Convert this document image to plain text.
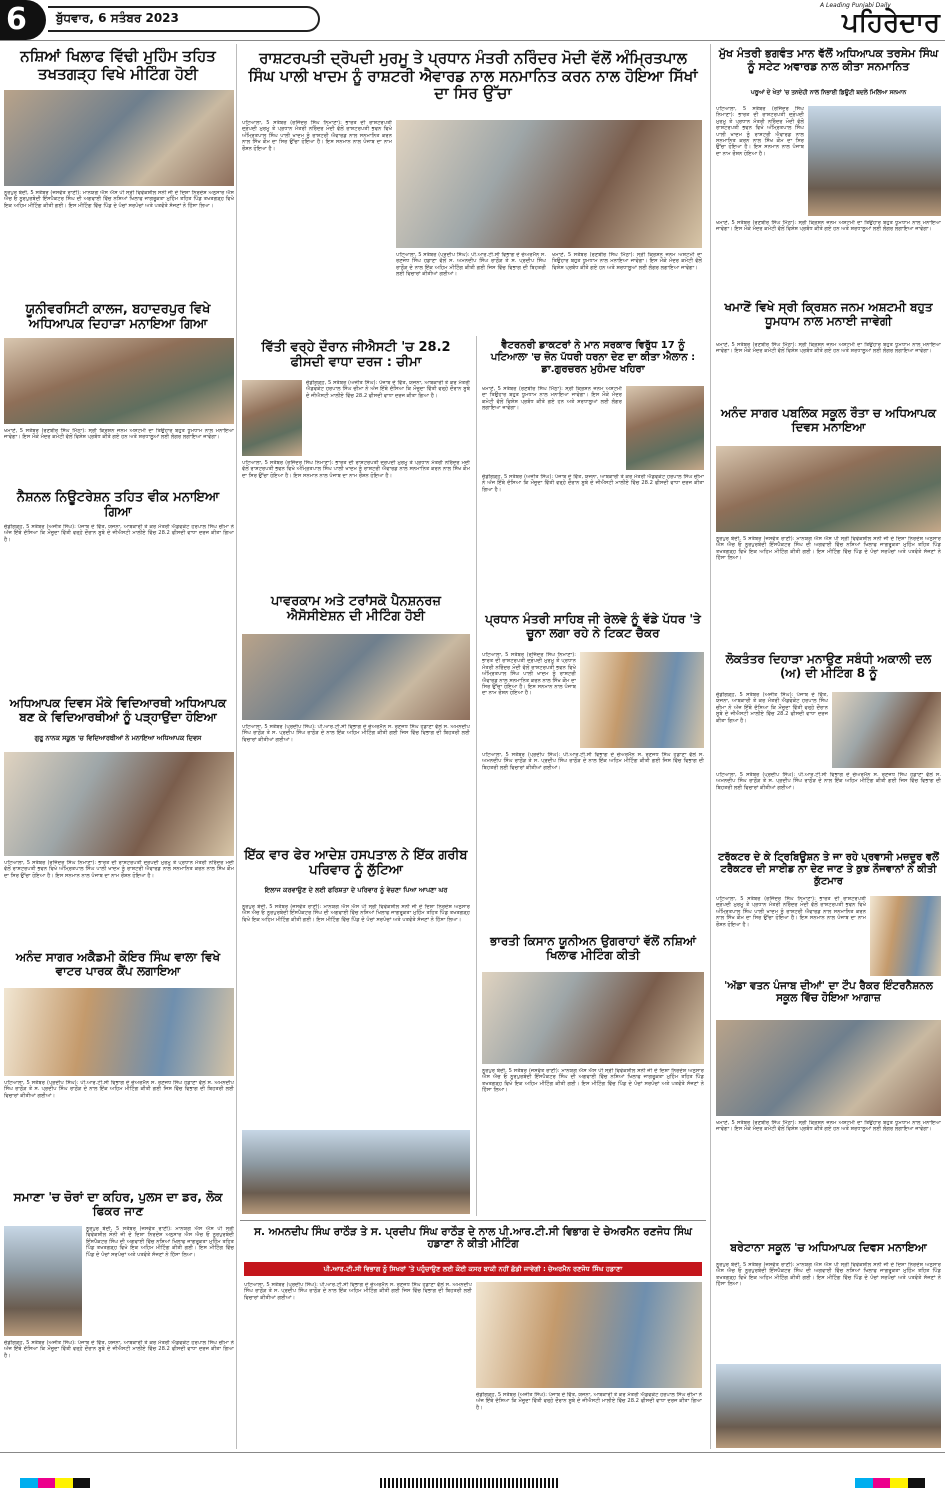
6 ਬੁੱਧਵਾਰ, 6 ਸਤੰਬਰ 2023
A Leading Punjabi Daily
ਪਹਿਰੇਦਾਰ
ਨਸ਼ਿਆਂ ਖਿਲਾਫ ਵਿੱਢੀ ਮੁਹਿੰਮ ਤਹਿਤ ਤਖਤਗੜ੍ਹ ਵਿਖੇ ਮੀਟਿੰਗ ਹੋਈ
ਨੂਰਪੁਰ ਬੇਦੀ, 5 ਸਤੰਬਰ (ਜਸਵੰਤ ਰਾਣੀ): ਮਾਨਯੋਗ ਐਸ ਐਸ ਪੀ ਸ੍ਰੀ ਵਿਵੇਕਸ਼ੀਲ ਸੋਨੀ ਜੀ ਦੇ ਦਿਸ਼ਾ ਨਿਰਦੇਸ਼ ਅਨੁਸਾਰ ਐਸ ਐਚ ਓ ਨੂਰਪੁਰਬੇਦੀ ਇੰਸਪੈਕਟਰ ਸਿੰਘ ਦੀ ਅਗਵਾਈ ਵਿੱਚ ਨਸ਼ਿਆਂ ਖਿਲਾਫ ਜਾਗਰੂਕਤਾ ਮੁਹਿੰਮ ਤਹਿਤ ਪਿੰਡ ਤਖਤਗੜ੍ਹ ਵਿਖੇ ਇਕ ਅਹਿਮ ਮੀਟਿੰਗ ਕੀਤੀ ਗਈ। ਇਸ ਮੀਟਿੰਗ ਵਿੱਚ ਪਿੰਡ ਦੇ ਪੰਚਾਂ ਸਰਪੰਚਾਂ ਅਤੇ ਪਤਵੰਤੇ ਸੱਜਣਾਂ ਨੇ ਹਿੱਸਾ ਲਿਆ।
ਯੂਨੀਵਰਸਿਟੀ ਕਾਲਜ, ਬਹਾਦਰਪੁਰ ਵਿਖੇ ਅਧਿਆਪਕ ਦਿਹਾੜਾ ਮਨਾਇਆ ਗਿਆ
ਖਮਾਣੋਂ, 5 ਸਤੰਬਰ (ਰਣਬੀਰ ਸਿੰਘ ਮਿੱਠਾ): ਸ੍ਰੀ ਕ੍ਰਿਸ਼ਨ ਜਨਮ ਅਸ਼ਟਮੀ ਦਾ ਤਿਉਹਾਰ ਬਹੁਤ ਧੂਮਧਾਮ ਨਾਲ ਮਨਾਇਆ ਜਾਵੇਗਾ। ਇਸ ਮੌਕੇ ਮੰਦਰ ਕਮੇਟੀ ਵੱਲੋਂ ਵਿਸ਼ੇਸ਼ ਪ੍ਰਬੰਧ ਕੀਤੇ ਗਏ ਹਨ ਅਤੇ ਸ਼ਰਧਾਲੂਆਂ ਲਈ ਲੰਗਰ ਲਗਾਇਆ ਜਾਵੇਗਾ।
ਨੈਸ਼ਨਲ ਨਿਊਟਰੇਸ਼ਨ ਤਹਿਤ ਵੀਕ ਮਨਾਇਆ ਗਿਆ
ਚੰਡੀਗੜ੍ਹ, 5 ਸਤੰਬਰ (ਅਜੀਤ ਸਿੰਘ): ਪੰਜਾਬ ਦੇ ਵਿੱਤ, ਯੋਜਨਾ, ਆਬਕਾਰੀ ਤੇ ਕਰ ਮੰਤਰੀ ਐਡਵੋਕੇਟ ਹਰਪਾਲ ਸਿੰਘ ਚੀਮਾ ਨੇ ਅੱਜ ਇੱਥੇ ਦੱਸਿਆ ਕਿ ਮੌਜੂਦਾ ਵਿੱਤੀ ਵਰ੍ਹੇ ਦੌਰਾਨ ਸੂਬੇ ਦੇ ਜੀਐਸਟੀ ਮਾਲੀਏ ਵਿੱਚ 28.2 ਫੀਸਦੀ ਵਾਧਾ ਦਰਜ ਕੀਤਾ ਗਿਆ ਹੈ।
ਅਧਿਆਪਕ ਦਿਵਸ ਮੌਕੇ ਵਿਦਿਆਰਥੀ ਅਧਿਆਪਕ ਬਣ ਕੇ ਵਿਦਿਆਰਥੀਆਂ ਨੂੰ ਪੜ੍ਹਾਉਂਦਾ ਹੋਇਆ
ਗੁਰੂ ਨਾਨਕ ਸਕੂਲ 'ਚ ਵਿਦਿਆਰਥੀਆਂ ਨੇ ਮਨਾਇਆ ਅਧਿਆਪਕ ਦਿਵਸ
ਪਟਿਆਲਾ, 5 ਸਤੰਬਰ (ਰਜਿੰਦਰ ਸਿੰਘ ਨਿਮਾਣਾ): ਭਾਰਤ ਦੀ ਰਾਸ਼ਟਰਪਤੀ ਦ੍ਰੋਪਦੀ ਮੁਰਮੂ ਤੇ ਪ੍ਰਧਾਨ ਮੰਤਰੀ ਨਰਿੰਦਰ ਮੋਦੀ ਵੱਲੋਂ ਰਾਸ਼ਟਰਪਤੀ ਭਵਨ ਵਿਖੇ ਅੰਮ੍ਰਿਤਪਾਲ ਸਿੰਘ ਪਾਲੀ ਖਾਦਮ ਨੂੰ ਰਾਸ਼ਟਰੀ ਐਵਾਰਡ ਨਾਲ ਸਨਮਾਨਿਤ ਕਰਨ ਨਾਲ ਸਿੱਖ ਕੌਮ ਦਾ ਸਿਰ ਉੱਚਾ ਹੋਇਆ ਹੈ। ਇਸ ਸਨਮਾਨ ਨਾਲ ਪੰਜਾਬ ਦਾ ਨਾਮ ਰੌਸ਼ਨ ਹੋਇਆ ਹੈ।
ਅਨੰਦ ਸਾਗਰ ਅਕੈਡਮੀ ਕੋਇਰ ਸਿੰਘ ਵਾਲਾ ਵਿਖੇ ਵਾਟਰ ਪਾਰਕ ਕੈਂਪ ਲਗਾਇਆ
ਪਟਿਆਲਾ, 5 ਸਤੰਬਰ (ਪ੍ਰਦੀਪ ਸਿੰਘ): ਪੀ.ਆਰ.ਟੀ.ਸੀ ਵਿਭਾਗ ਦੇ ਚੇਅਰਮੈਨ ਸ. ਰਣਜੋਧ ਸਿੰਘ ਹਡਾਣਾ ਵੱਲੋਂ ਸ. ਅਮਨਦੀਪ ਸਿੰਘ ਰਾਠੌੜ ਤੇ ਸ. ਪ੍ਰਦੀਪ ਸਿੰਘ ਰਾਠੌੜ ਦੇ ਨਾਲ ਇੱਕ ਅਹਿਮ ਮੀਟਿੰਗ ਕੀਤੀ ਗਈ ਜਿਸ ਵਿੱਚ ਵਿਭਾਗ ਦੀ ਬਿਹਤਰੀ ਲਈ ਵਿਚਾਰਾਂ ਕੀਤੀਆਂ ਗਈਆਂ।
ਸਮਾਣਾ 'ਚ ਚੋਰਾਂ ਦਾ ਕਹਿਰ, ਪੁਲਸ ਦਾ ਡਰ, ਲੋਕ ਫਿਕਰ ਜਾਣ
ਨੂਰਪੁਰ ਬੇਦੀ, 5 ਸਤੰਬਰ (ਜਸਵੰਤ ਰਾਣੀ): ਮਾਨਯੋਗ ਐਸ ਐਸ ਪੀ ਸ੍ਰੀ ਵਿਵੇਕਸ਼ੀਲ ਸੋਨੀ ਜੀ ਦੇ ਦਿਸ਼ਾ ਨਿਰਦੇਸ਼ ਅਨੁਸਾਰ ਐਸ ਐਚ ਓ ਨੂਰਪੁਰਬੇਦੀ ਇੰਸਪੈਕਟਰ ਸਿੰਘ ਦੀ ਅਗਵਾਈ ਵਿੱਚ ਨਸ਼ਿਆਂ ਖਿਲਾਫ ਜਾਗਰੂਕਤਾ ਮੁਹਿੰਮ ਤਹਿਤ ਪਿੰਡ ਤਖਤਗੜ੍ਹ ਵਿਖੇ ਇਕ ਅਹਿਮ ਮੀਟਿੰਗ ਕੀਤੀ ਗਈ। ਇਸ ਮੀਟਿੰਗ ਵਿੱਚ ਪਿੰਡ ਦੇ ਪੰਚਾਂ ਸਰਪੰਚਾਂ ਅਤੇ ਪਤਵੰਤੇ ਸੱਜਣਾਂ ਨੇ ਹਿੱਸਾ ਲਿਆ।
ਚੰਡੀਗੜ੍ਹ, 5 ਸਤੰਬਰ (ਅਜੀਤ ਸਿੰਘ): ਪੰਜਾਬ ਦੇ ਵਿੱਤ, ਯੋਜਨਾ, ਆਬਕਾਰੀ ਤੇ ਕਰ ਮੰਤਰੀ ਐਡਵੋਕੇਟ ਹਰਪਾਲ ਸਿੰਘ ਚੀਮਾ ਨੇ ਅੱਜ ਇੱਥੇ ਦੱਸਿਆ ਕਿ ਮੌਜੂਦਾ ਵਿੱਤੀ ਵਰ੍ਹੇ ਦੌਰਾਨ ਸੂਬੇ ਦੇ ਜੀਐਸਟੀ ਮਾਲੀਏ ਵਿੱਚ 28.2 ਫੀਸਦੀ ਵਾਧਾ ਦਰਜ ਕੀਤਾ ਗਿਆ ਹੈ।
ਰਾਸ਼ਟਰਪਤੀ ਦ੍ਰੋਪਦੀ ਮੁਰਮੂ ਤੇ ਪ੍ਰਧਾਨ ਮੰਤਰੀ ਨਰਿੰਦਰ ਮੋਦੀ ਵੱਲੋਂ ਅੰਮ੍ਰਿਤਪਾਲ ਸਿੰਘ ਪਾਲੀ ਖਾਦਮ ਨੂੰ ਰਾਸ਼ਟਰੀ ਐਵਾਰਡ ਨਾਲ ਸਨਮਾਨਿਤ ਕਰਨ ਨਾਲ ਹੋਇਆ ਸਿੱਖਾਂ ਦਾ ਸਿਰ ਉੱਚਾ
ਪਟਿਆਲਾ, 5 ਸਤੰਬਰ (ਰਜਿੰਦਰ ਸਿੰਘ ਨਿਮਾਣਾ): ਭਾਰਤ ਦੀ ਰਾਸ਼ਟਰਪਤੀ ਦ੍ਰੋਪਦੀ ਮੁਰਮੂ ਤੇ ਪ੍ਰਧਾਨ ਮੰਤਰੀ ਨਰਿੰਦਰ ਮੋਦੀ ਵੱਲੋਂ ਰਾਸ਼ਟਰਪਤੀ ਭਵਨ ਵਿਖੇ ਅੰਮ੍ਰਿਤਪਾਲ ਸਿੰਘ ਪਾਲੀ ਖਾਦਮ ਨੂੰ ਰਾਸ਼ਟਰੀ ਐਵਾਰਡ ਨਾਲ ਸਨਮਾਨਿਤ ਕਰਨ ਨਾਲ ਸਿੱਖ ਕੌਮ ਦਾ ਸਿਰ ਉੱਚਾ ਹੋਇਆ ਹੈ। ਇਸ ਸਨਮਾਨ ਨਾਲ ਪੰਜਾਬ ਦਾ ਨਾਮ ਰੌਸ਼ਨ ਹੋਇਆ ਹੈ।
ਪਟਿਆਲਾ, 5 ਸਤੰਬਰ (ਪ੍ਰਦੀਪ ਸਿੰਘ): ਪੀ.ਆਰ.ਟੀ.ਸੀ ਵਿਭਾਗ ਦੇ ਚੇਅਰਮੈਨ ਸ. ਰਣਜੋਧ ਸਿੰਘ ਹਡਾਣਾ ਵੱਲੋਂ ਸ. ਅਮਨਦੀਪ ਸਿੰਘ ਰਾਠੌੜ ਤੇ ਸ. ਪ੍ਰਦੀਪ ਸਿੰਘ ਰਾਠੌੜ ਦੇ ਨਾਲ ਇੱਕ ਅਹਿਮ ਮੀਟਿੰਗ ਕੀਤੀ ਗਈ ਜਿਸ ਵਿੱਚ ਵਿਭਾਗ ਦੀ ਬਿਹਤਰੀ ਲਈ ਵਿਚਾਰਾਂ ਕੀਤੀਆਂ ਗਈਆਂ।
ਖਮਾਣੋਂ, 5 ਸਤੰਬਰ (ਰਣਬੀਰ ਸਿੰਘ ਮਿੱਠਾ): ਸ੍ਰੀ ਕ੍ਰਿਸ਼ਨ ਜਨਮ ਅਸ਼ਟਮੀ ਦਾ ਤਿਉਹਾਰ ਬਹੁਤ ਧੂਮਧਾਮ ਨਾਲ ਮਨਾਇਆ ਜਾਵੇਗਾ। ਇਸ ਮੌਕੇ ਮੰਦਰ ਕਮੇਟੀ ਵੱਲੋਂ ਵਿਸ਼ੇਸ਼ ਪ੍ਰਬੰਧ ਕੀਤੇ ਗਏ ਹਨ ਅਤੇ ਸ਼ਰਧਾਲੂਆਂ ਲਈ ਲੰਗਰ ਲਗਾਇਆ ਜਾਵੇਗਾ।
ਵਿੱਤੀ ਵਰ੍ਹੇ ਦੌਰਾਨ ਜੀਐਸਟੀ 'ਚ 28.2 ਫੀਸਦੀ ਵਾਧਾ ਦਰਜ : ਚੀਮਾ
ਚੰਡੀਗੜ੍ਹ, 5 ਸਤੰਬਰ (ਅਜੀਤ ਸਿੰਘ): ਪੰਜਾਬ ਦੇ ਵਿੱਤ, ਯੋਜਨਾ, ਆਬਕਾਰੀ ਤੇ ਕਰ ਮੰਤਰੀ ਐਡਵੋਕੇਟ ਹਰਪਾਲ ਸਿੰਘ ਚੀਮਾ ਨੇ ਅੱਜ ਇੱਥੇ ਦੱਸਿਆ ਕਿ ਮੌਜੂਦਾ ਵਿੱਤੀ ਵਰ੍ਹੇ ਦੌਰਾਨ ਸੂਬੇ ਦੇ ਜੀਐਸਟੀ ਮਾਲੀਏ ਵਿੱਚ 28.2 ਫੀਸਦੀ ਵਾਧਾ ਦਰਜ ਕੀਤਾ ਗਿਆ ਹੈ।
ਪਟਿਆਲਾ, 5 ਸਤੰਬਰ (ਰਜਿੰਦਰ ਸਿੰਘ ਨਿਮਾਣਾ): ਭਾਰਤ ਦੀ ਰਾਸ਼ਟਰਪਤੀ ਦ੍ਰੋਪਦੀ ਮੁਰਮੂ ਤੇ ਪ੍ਰਧਾਨ ਮੰਤਰੀ ਨਰਿੰਦਰ ਮੋਦੀ ਵੱਲੋਂ ਰਾਸ਼ਟਰਪਤੀ ਭਵਨ ਵਿਖੇ ਅੰਮ੍ਰਿਤਪਾਲ ਸਿੰਘ ਪਾਲੀ ਖਾਦਮ ਨੂੰ ਰਾਸ਼ਟਰੀ ਐਵਾਰਡ ਨਾਲ ਸਨਮਾਨਿਤ ਕਰਨ ਨਾਲ ਸਿੱਖ ਕੌਮ ਦਾ ਸਿਰ ਉੱਚਾ ਹੋਇਆ ਹੈ। ਇਸ ਸਨਮਾਨ ਨਾਲ ਪੰਜਾਬ ਦਾ ਨਾਮ ਰੌਸ਼ਨ ਹੋਇਆ ਹੈ।
ਪਾਵਰਕਾਮ ਅਤੇ ਟਰਾਂਸਕੋ ਪੈਨਸ਼ਨਰਜ਼ ਐਸੋਸੀਏਸ਼ਨ ਦੀ ਮੀਟਿੰਗ ਹੋਈ
ਪਟਿਆਲਾ, 5 ਸਤੰਬਰ (ਪ੍ਰਦੀਪ ਸਿੰਘ): ਪੀ.ਆਰ.ਟੀ.ਸੀ ਵਿਭਾਗ ਦੇ ਚੇਅਰਮੈਨ ਸ. ਰਣਜੋਧ ਸਿੰਘ ਹਡਾਣਾ ਵੱਲੋਂ ਸ. ਅਮਨਦੀਪ ਸਿੰਘ ਰਾਠੌੜ ਤੇ ਸ. ਪ੍ਰਦੀਪ ਸਿੰਘ ਰਾਠੌੜ ਦੇ ਨਾਲ ਇੱਕ ਅਹਿਮ ਮੀਟਿੰਗ ਕੀਤੀ ਗਈ ਜਿਸ ਵਿੱਚ ਵਿਭਾਗ ਦੀ ਬਿਹਤਰੀ ਲਈ ਵਿਚਾਰਾਂ ਕੀਤੀਆਂ ਗਈਆਂ।
ਇੱਕ ਵਾਰ ਫੇਰ ਆਦੇਸ਼ ਹਸਪਤਾਲ ਨੇ ਇੱਕ ਗਰੀਬ ਪਰਿਵਾਰ ਨੂੰ ਲੁੱਟਿਆ
ਇਲਾਜ ਕਰਵਾਉਣ ਦੇ ਲਈ ਫਰਿਸ਼ਤਾ ਦੇ ਪਰਿਵਾਰ ਨੂੰ ਵੇਚਣਾ ਪਿਆ ਆਪਣਾ ਘਰ
ਨੂਰਪੁਰ ਬੇਦੀ, 5 ਸਤੰਬਰ (ਜਸਵੰਤ ਰਾਣੀ): ਮਾਨਯੋਗ ਐਸ ਐਸ ਪੀ ਸ੍ਰੀ ਵਿਵੇਕਸ਼ੀਲ ਸੋਨੀ ਜੀ ਦੇ ਦਿਸ਼ਾ ਨਿਰਦੇਸ਼ ਅਨੁਸਾਰ ਐਸ ਐਚ ਓ ਨੂਰਪੁਰਬੇਦੀ ਇੰਸਪੈਕਟਰ ਸਿੰਘ ਦੀ ਅਗਵਾਈ ਵਿੱਚ ਨਸ਼ਿਆਂ ਖਿਲਾਫ ਜਾਗਰੂਕਤਾ ਮੁਹਿੰਮ ਤਹਿਤ ਪਿੰਡ ਤਖਤਗੜ੍ਹ ਵਿਖੇ ਇਕ ਅਹਿਮ ਮੀਟਿੰਗ ਕੀਤੀ ਗਈ। ਇਸ ਮੀਟਿੰਗ ਵਿੱਚ ਪਿੰਡ ਦੇ ਪੰਚਾਂ ਸਰਪੰਚਾਂ ਅਤੇ ਪਤਵੰਤੇ ਸੱਜਣਾਂ ਨੇ ਹਿੱਸਾ ਲਿਆ।
ਵੈਟਰਨਰੀ ਡਾਕਟਰਾਂ ਨੇ ਮਾਨ ਸਰਕਾਰ ਵਿਰੁੱਧ 17 ਨੂੰ ਪਟਿਆਲਾ 'ਚ ਜ਼ੋਨ ਪੱਧਰੀ ਧਰਨਾ ਦੇਣ ਦਾ ਕੀਤਾ ਐਲਾਨ : ਡਾ.ਗੁਰਚਰਨ ਮੁਹੰਮਦ ਖਹਿਰਾ
ਖਮਾਣੋਂ, 5 ਸਤੰਬਰ (ਰਣਬੀਰ ਸਿੰਘ ਮਿੱਠਾ): ਸ੍ਰੀ ਕ੍ਰਿਸ਼ਨ ਜਨਮ ਅਸ਼ਟਮੀ ਦਾ ਤਿਉਹਾਰ ਬਹੁਤ ਧੂਮਧਾਮ ਨਾਲ ਮਨਾਇਆ ਜਾਵੇਗਾ। ਇਸ ਮੌਕੇ ਮੰਦਰ ਕਮੇਟੀ ਵੱਲੋਂ ਵਿਸ਼ੇਸ਼ ਪ੍ਰਬੰਧ ਕੀਤੇ ਗਏ ਹਨ ਅਤੇ ਸ਼ਰਧਾਲੂਆਂ ਲਈ ਲੰਗਰ ਲਗਾਇਆ ਜਾਵੇਗਾ।
ਚੰਡੀਗੜ੍ਹ, 5 ਸਤੰਬਰ (ਅਜੀਤ ਸਿੰਘ): ਪੰਜਾਬ ਦੇ ਵਿੱਤ, ਯੋਜਨਾ, ਆਬਕਾਰੀ ਤੇ ਕਰ ਮੰਤਰੀ ਐਡਵੋਕੇਟ ਹਰਪਾਲ ਸਿੰਘ ਚੀਮਾ ਨੇ ਅੱਜ ਇੱਥੇ ਦੱਸਿਆ ਕਿ ਮੌਜੂਦਾ ਵਿੱਤੀ ਵਰ੍ਹੇ ਦੌਰਾਨ ਸੂਬੇ ਦੇ ਜੀਐਸਟੀ ਮਾਲੀਏ ਵਿੱਚ 28.2 ਫੀਸਦੀ ਵਾਧਾ ਦਰਜ ਕੀਤਾ ਗਿਆ ਹੈ।
ਪ੍ਰਧਾਨ ਮੰਤਰੀ ਸਾਹਿਬ ਜੀ ਰੇਲਵੇ ਨੂੰ ਵੱਡੇ ਪੱਧਰ 'ਤੇ ਚੂਨਾ ਲਗਾ ਰਹੇ ਨੇ ਟਿਕਟ ਚੈਕਰ
ਪਟਿਆਲਾ, 5 ਸਤੰਬਰ (ਰਜਿੰਦਰ ਸਿੰਘ ਨਿਮਾਣਾ): ਭਾਰਤ ਦੀ ਰਾਸ਼ਟਰਪਤੀ ਦ੍ਰੋਪਦੀ ਮੁਰਮੂ ਤੇ ਪ੍ਰਧਾਨ ਮੰਤਰੀ ਨਰਿੰਦਰ ਮੋਦੀ ਵੱਲੋਂ ਰਾਸ਼ਟਰਪਤੀ ਭਵਨ ਵਿਖੇ ਅੰਮ੍ਰਿਤਪਾਲ ਸਿੰਘ ਪਾਲੀ ਖਾਦਮ ਨੂੰ ਰਾਸ਼ਟਰੀ ਐਵਾਰਡ ਨਾਲ ਸਨਮਾਨਿਤ ਕਰਨ ਨਾਲ ਸਿੱਖ ਕੌਮ ਦਾ ਸਿਰ ਉੱਚਾ ਹੋਇਆ ਹੈ। ਇਸ ਸਨਮਾਨ ਨਾਲ ਪੰਜਾਬ ਦਾ ਨਾਮ ਰੌਸ਼ਨ ਹੋਇਆ ਹੈ।
ਪਟਿਆਲਾ, 5 ਸਤੰਬਰ (ਪ੍ਰਦੀਪ ਸਿੰਘ): ਪੀ.ਆਰ.ਟੀ.ਸੀ ਵਿਭਾਗ ਦੇ ਚੇਅਰਮੈਨ ਸ. ਰਣਜੋਧ ਸਿੰਘ ਹਡਾਣਾ ਵੱਲੋਂ ਸ. ਅਮਨਦੀਪ ਸਿੰਘ ਰਾਠੌੜ ਤੇ ਸ. ਪ੍ਰਦੀਪ ਸਿੰਘ ਰਾਠੌੜ ਦੇ ਨਾਲ ਇੱਕ ਅਹਿਮ ਮੀਟਿੰਗ ਕੀਤੀ ਗਈ ਜਿਸ ਵਿੱਚ ਵਿਭਾਗ ਦੀ ਬਿਹਤਰੀ ਲਈ ਵਿਚਾਰਾਂ ਕੀਤੀਆਂ ਗਈਆਂ।
ਭਾਰਤੀ ਕਿਸਾਨ ਯੂਨੀਅਨ ਉਗਰਾਹਾਂ ਵੱਲੋਂ ਨਸ਼ਿਆਂ ਖਿਲਾਫ ਮੀਟਿੰਗ ਕੀਤੀ
ਨੂਰਪੁਰ ਬੇਦੀ, 5 ਸਤੰਬਰ (ਜਸਵੰਤ ਰਾਣੀ): ਮਾਨਯੋਗ ਐਸ ਐਸ ਪੀ ਸ੍ਰੀ ਵਿਵੇਕਸ਼ੀਲ ਸੋਨੀ ਜੀ ਦੇ ਦਿਸ਼ਾ ਨਿਰਦੇਸ਼ ਅਨੁਸਾਰ ਐਸ ਐਚ ਓ ਨੂਰਪੁਰਬੇਦੀ ਇੰਸਪੈਕਟਰ ਸਿੰਘ ਦੀ ਅਗਵਾਈ ਵਿੱਚ ਨਸ਼ਿਆਂ ਖਿਲਾਫ ਜਾਗਰੂਕਤਾ ਮੁਹਿੰਮ ਤਹਿਤ ਪਿੰਡ ਤਖਤਗੜ੍ਹ ਵਿਖੇ ਇਕ ਅਹਿਮ ਮੀਟਿੰਗ ਕੀਤੀ ਗਈ। ਇਸ ਮੀਟਿੰਗ ਵਿੱਚ ਪਿੰਡ ਦੇ ਪੰਚਾਂ ਸਰਪੰਚਾਂ ਅਤੇ ਪਤਵੰਤੇ ਸੱਜਣਾਂ ਨੇ ਹਿੱਸਾ ਲਿਆ।
ਸ. ਅਮਨਦੀਪ ਸਿੰਘ ਰਾਠੌੜ ਤੇ ਸ. ਪ੍ਰਦੀਪ ਸਿੰਘ ਰਾਠੌੜ ਦੇ ਨਾਲ ਪੀ.ਆਰ.ਟੀ.ਸੀ ਵਿਭਾਗ ਦੇ ਚੇਅਰਮੈਨ ਰਣਜੋਧ ਸਿੰਘ ਹਡਾਣਾ ਨੇ ਕੀਤੀ ਮੀਟਿੰਗ
ਪੀ.ਆਰ.ਟੀ.ਸੀ ਵਿਭਾਗ ਨੂੰ ਸਿਖਰਾਂ 'ਤੇ ਪਹੁੰਚਾਉਣ ਲਈ ਕੋਈ ਕਸਰ ਬਾਕੀ ਨਹੀਂ ਛੱਡੀ ਜਾਵੇਗੀ : ਚੇਅਰਮੈਨ ਰਣਜੋਧ ਸਿੰਘ ਹਡਾਣਾ
ਪਟਿਆਲਾ, 5 ਸਤੰਬਰ (ਪ੍ਰਦੀਪ ਸਿੰਘ): ਪੀ.ਆਰ.ਟੀ.ਸੀ ਵਿਭਾਗ ਦੇ ਚੇਅਰਮੈਨ ਸ. ਰਣਜੋਧ ਸਿੰਘ ਹਡਾਣਾ ਵੱਲੋਂ ਸ. ਅਮਨਦੀਪ ਸਿੰਘ ਰਾਠੌੜ ਤੇ ਸ. ਪ੍ਰਦੀਪ ਸਿੰਘ ਰਾਠੌੜ ਦੇ ਨਾਲ ਇੱਕ ਅਹਿਮ ਮੀਟਿੰਗ ਕੀਤੀ ਗਈ ਜਿਸ ਵਿੱਚ ਵਿਭਾਗ ਦੀ ਬਿਹਤਰੀ ਲਈ ਵਿਚਾਰਾਂ ਕੀਤੀਆਂ ਗਈਆਂ।
ਚੰਡੀਗੜ੍ਹ, 5 ਸਤੰਬਰ (ਅਜੀਤ ਸਿੰਘ): ਪੰਜਾਬ ਦੇ ਵਿੱਤ, ਯੋਜਨਾ, ਆਬਕਾਰੀ ਤੇ ਕਰ ਮੰਤਰੀ ਐਡਵੋਕੇਟ ਹਰਪਾਲ ਸਿੰਘ ਚੀਮਾ ਨੇ ਅੱਜ ਇੱਥੇ ਦੱਸਿਆ ਕਿ ਮੌਜੂਦਾ ਵਿੱਤੀ ਵਰ੍ਹੇ ਦੌਰਾਨ ਸੂਬੇ ਦੇ ਜੀਐਸਟੀ ਮਾਲੀਏ ਵਿੱਚ 28.2 ਫੀਸਦੀ ਵਾਧਾ ਦਰਜ ਕੀਤਾ ਗਿਆ ਹੈ।
ਮੁੱਖ ਮੰਤਰੀ ਭਗਵੰਤ ਮਾਨ ਵੱਲੋਂ ਅਧਿਆਪਕ ਤਰਸੇਮ ਸਿੰਘ ਨੂੰ ਸਟੇਟ ਅਵਾਰਡ ਨਾਲ ਕੀਤਾ ਸਨਮਾਨਿਤ
ਪਰੂਆਂ ਦੇ ਖੇਤਾਂ 'ਚ ਤਨਦੇਹੀ ਨਾਲ ਨਿਭਾਈ ਡਿਊਟੀ ਬਦਲੇ ਮਿਲਿਆ ਸਨਮਾਨ
ਪਟਿਆਲਾ, 5 ਸਤੰਬਰ (ਰਜਿੰਦਰ ਸਿੰਘ ਨਿਮਾਣਾ): ਭਾਰਤ ਦੀ ਰਾਸ਼ਟਰਪਤੀ ਦ੍ਰੋਪਦੀ ਮੁਰਮੂ ਤੇ ਪ੍ਰਧਾਨ ਮੰਤਰੀ ਨਰਿੰਦਰ ਮੋਦੀ ਵੱਲੋਂ ਰਾਸ਼ਟਰਪਤੀ ਭਵਨ ਵਿਖੇ ਅੰਮ੍ਰਿਤਪਾਲ ਸਿੰਘ ਪਾਲੀ ਖਾਦਮ ਨੂੰ ਰਾਸ਼ਟਰੀ ਐਵਾਰਡ ਨਾਲ ਸਨਮਾਨਿਤ ਕਰਨ ਨਾਲ ਸਿੱਖ ਕੌਮ ਦਾ ਸਿਰ ਉੱਚਾ ਹੋਇਆ ਹੈ। ਇਸ ਸਨਮਾਨ ਨਾਲ ਪੰਜਾਬ ਦਾ ਨਾਮ ਰੌਸ਼ਨ ਹੋਇਆ ਹੈ।
ਖਮਾਣੋਂ, 5 ਸਤੰਬਰ (ਰਣਬੀਰ ਸਿੰਘ ਮਿੱਠਾ): ਸ੍ਰੀ ਕ੍ਰਿਸ਼ਨ ਜਨਮ ਅਸ਼ਟਮੀ ਦਾ ਤਿਉਹਾਰ ਬਹੁਤ ਧੂਮਧਾਮ ਨਾਲ ਮਨਾਇਆ ਜਾਵੇਗਾ। ਇਸ ਮੌਕੇ ਮੰਦਰ ਕਮੇਟੀ ਵੱਲੋਂ ਵਿਸ਼ੇਸ਼ ਪ੍ਰਬੰਧ ਕੀਤੇ ਗਏ ਹਨ ਅਤੇ ਸ਼ਰਧਾਲੂਆਂ ਲਈ ਲੰਗਰ ਲਗਾਇਆ ਜਾਵੇਗਾ।
ਖਮਾਣੋਂ ਵਿਖੇ ਸ੍ਰੀ ਕ੍ਰਿਸ਼ਨ ਜਨਮ ਅਸ਼ਟਮੀ ਬਹੁਤ ਧੂਮਧਾਮ ਨਾਲ ਮਨਾਈ ਜਾਵੇਗੀ
ਖਮਾਣੋਂ, 5 ਸਤੰਬਰ (ਰਣਬੀਰ ਸਿੰਘ ਮਿੱਠਾ): ਸ੍ਰੀ ਕ੍ਰਿਸ਼ਨ ਜਨਮ ਅਸ਼ਟਮੀ ਦਾ ਤਿਉਹਾਰ ਬਹੁਤ ਧੂਮਧਾਮ ਨਾਲ ਮਨਾਇਆ ਜਾਵੇਗਾ। ਇਸ ਮੌਕੇ ਮੰਦਰ ਕਮੇਟੀ ਵੱਲੋਂ ਵਿਸ਼ੇਸ਼ ਪ੍ਰਬੰਧ ਕੀਤੇ ਗਏ ਹਨ ਅਤੇ ਸ਼ਰਧਾਲੂਆਂ ਲਈ ਲੰਗਰ ਲਗਾਇਆ ਜਾਵੇਗਾ।
ਅਨੰਦ ਸਾਗਰ ਪਬਲਿਕ ਸਕੂਲ ਰੌਤਾ ਚ ਅਧਿਆਪਕ ਦਿਵਸ ਮਨਾਇਆ
ਨੂਰਪੁਰ ਬੇਦੀ, 5 ਸਤੰਬਰ (ਜਸਵੰਤ ਰਾਣੀ): ਮਾਨਯੋਗ ਐਸ ਐਸ ਪੀ ਸ੍ਰੀ ਵਿਵੇਕਸ਼ੀਲ ਸੋਨੀ ਜੀ ਦੇ ਦਿਸ਼ਾ ਨਿਰਦੇਸ਼ ਅਨੁਸਾਰ ਐਸ ਐਚ ਓ ਨੂਰਪੁਰਬੇਦੀ ਇੰਸਪੈਕਟਰ ਸਿੰਘ ਦੀ ਅਗਵਾਈ ਵਿੱਚ ਨਸ਼ਿਆਂ ਖਿਲਾਫ ਜਾਗਰੂਕਤਾ ਮੁਹਿੰਮ ਤਹਿਤ ਪਿੰਡ ਤਖਤਗੜ੍ਹ ਵਿਖੇ ਇਕ ਅਹਿਮ ਮੀਟਿੰਗ ਕੀਤੀ ਗਈ। ਇਸ ਮੀਟਿੰਗ ਵਿੱਚ ਪਿੰਡ ਦੇ ਪੰਚਾਂ ਸਰਪੰਚਾਂ ਅਤੇ ਪਤਵੰਤੇ ਸੱਜਣਾਂ ਨੇ ਹਿੱਸਾ ਲਿਆ।
ਲੋਕਤੰਤਰ ਦਿਹਾੜਾ ਮਨਾਉਣ ਸਬੰਧੀ ਅਕਾਲੀ ਦਲ (ਅ) ਦੀ ਮੀਟਿੰਗ 8 ਨੂੰ
ਚੰਡੀਗੜ੍ਹ, 5 ਸਤੰਬਰ (ਅਜੀਤ ਸਿੰਘ): ਪੰਜਾਬ ਦੇ ਵਿੱਤ, ਯੋਜਨਾ, ਆਬਕਾਰੀ ਤੇ ਕਰ ਮੰਤਰੀ ਐਡਵੋਕੇਟ ਹਰਪਾਲ ਸਿੰਘ ਚੀਮਾ ਨੇ ਅੱਜ ਇੱਥੇ ਦੱਸਿਆ ਕਿ ਮੌਜੂਦਾ ਵਿੱਤੀ ਵਰ੍ਹੇ ਦੌਰਾਨ ਸੂਬੇ ਦੇ ਜੀਐਸਟੀ ਮਾਲੀਏ ਵਿੱਚ 28.2 ਫੀਸਦੀ ਵਾਧਾ ਦਰਜ ਕੀਤਾ ਗਿਆ ਹੈ।
ਪਟਿਆਲਾ, 5 ਸਤੰਬਰ (ਪ੍ਰਦੀਪ ਸਿੰਘ): ਪੀ.ਆਰ.ਟੀ.ਸੀ ਵਿਭਾਗ ਦੇ ਚੇਅਰਮੈਨ ਸ. ਰਣਜੋਧ ਸਿੰਘ ਹਡਾਣਾ ਵੱਲੋਂ ਸ. ਅਮਨਦੀਪ ਸਿੰਘ ਰਾਠੌੜ ਤੇ ਸ. ਪ੍ਰਦੀਪ ਸਿੰਘ ਰਾਠੌੜ ਦੇ ਨਾਲ ਇੱਕ ਅਹਿਮ ਮੀਟਿੰਗ ਕੀਤੀ ਗਈ ਜਿਸ ਵਿੱਚ ਵਿਭਾਗ ਦੀ ਬਿਹਤਰੀ ਲਈ ਵਿਚਾਰਾਂ ਕੀਤੀਆਂ ਗਈਆਂ।
ਟਰੱਕਟਰ ਦੇ ਕੇ ਟ੍ਰਿਬਿਊਸ਼ਨ ਤੇ ਜਾ ਰਹੇ ਪ੍ਰਵਾਸੀ ਮਜ਼ਦੂਰ ਵਲੋਂ ਟਰੈਕਟਰ ਦੀ ਸਾਈਡ ਨਾ ਦੇਣ ਜਾਣ ਤੇ ਕੁਝ ਨੌਜਵਾਨਾਂ ਨੇ ਕੀਤੀ ਕੁੱਟਮਾਰ
ਪਟਿਆਲਾ, 5 ਸਤੰਬਰ (ਰਜਿੰਦਰ ਸਿੰਘ ਨਿਮਾਣਾ): ਭਾਰਤ ਦੀ ਰਾਸ਼ਟਰਪਤੀ ਦ੍ਰੋਪਦੀ ਮੁਰਮੂ ਤੇ ਪ੍ਰਧਾਨ ਮੰਤਰੀ ਨਰਿੰਦਰ ਮੋਦੀ ਵੱਲੋਂ ਰਾਸ਼ਟਰਪਤੀ ਭਵਨ ਵਿਖੇ ਅੰਮ੍ਰਿਤਪਾਲ ਸਿੰਘ ਪਾਲੀ ਖਾਦਮ ਨੂੰ ਰਾਸ਼ਟਰੀ ਐਵਾਰਡ ਨਾਲ ਸਨਮਾਨਿਤ ਕਰਨ ਨਾਲ ਸਿੱਖ ਕੌਮ ਦਾ ਸਿਰ ਉੱਚਾ ਹੋਇਆ ਹੈ। ਇਸ ਸਨਮਾਨ ਨਾਲ ਪੰਜਾਬ ਦਾ ਨਾਮ ਰੌਸ਼ਨ ਹੋਇਆ ਹੈ।
'ਅੱਡਾ ਵਤਨ ਪੰਜਾਬ ਦੀਆਂ' ਦਾ ਟੌਪ ਰੈਕਰ ਇੰਟਰਨੈਸ਼ਨਲ ਸਕੂਲ ਵਿੱਚ ਹੋਇਆ ਆਗਾਜ਼
ਖਮਾਣੋਂ, 5 ਸਤੰਬਰ (ਰਣਬੀਰ ਸਿੰਘ ਮਿੱਠਾ): ਸ੍ਰੀ ਕ੍ਰਿਸ਼ਨ ਜਨਮ ਅਸ਼ਟਮੀ ਦਾ ਤਿਉਹਾਰ ਬਹੁਤ ਧੂਮਧਾਮ ਨਾਲ ਮਨਾਇਆ ਜਾਵੇਗਾ। ਇਸ ਮੌਕੇ ਮੰਦਰ ਕਮੇਟੀ ਵੱਲੋਂ ਵਿਸ਼ੇਸ਼ ਪ੍ਰਬੰਧ ਕੀਤੇ ਗਏ ਹਨ ਅਤੇ ਸ਼ਰਧਾਲੂਆਂ ਲਈ ਲੰਗਰ ਲਗਾਇਆ ਜਾਵੇਗਾ।
ਬਰੇਟਾਨਾ ਸਕੂਲ 'ਚ ਅਧਿਆਪਕ ਦਿਵਸ ਮਨਾਇਆ
ਨੂਰਪੁਰ ਬੇਦੀ, 5 ਸਤੰਬਰ (ਜਸਵੰਤ ਰਾਣੀ): ਮਾਨਯੋਗ ਐਸ ਐਸ ਪੀ ਸ੍ਰੀ ਵਿਵੇਕਸ਼ੀਲ ਸੋਨੀ ਜੀ ਦੇ ਦਿਸ਼ਾ ਨਿਰਦੇਸ਼ ਅਨੁਸਾਰ ਐਸ ਐਚ ਓ ਨੂਰਪੁਰਬੇਦੀ ਇੰਸਪੈਕਟਰ ਸਿੰਘ ਦੀ ਅਗਵਾਈ ਵਿੱਚ ਨਸ਼ਿਆਂ ਖਿਲਾਫ ਜਾਗਰੂਕਤਾ ਮੁਹਿੰਮ ਤਹਿਤ ਪਿੰਡ ਤਖਤਗੜ੍ਹ ਵਿਖੇ ਇਕ ਅਹਿਮ ਮੀਟਿੰਗ ਕੀਤੀ ਗਈ। ਇਸ ਮੀਟਿੰਗ ਵਿੱਚ ਪਿੰਡ ਦੇ ਪੰਚਾਂ ਸਰਪੰਚਾਂ ਅਤੇ ਪਤਵੰਤੇ ਸੱਜਣਾਂ ਨੇ ਹਿੱਸਾ ਲਿਆ।
